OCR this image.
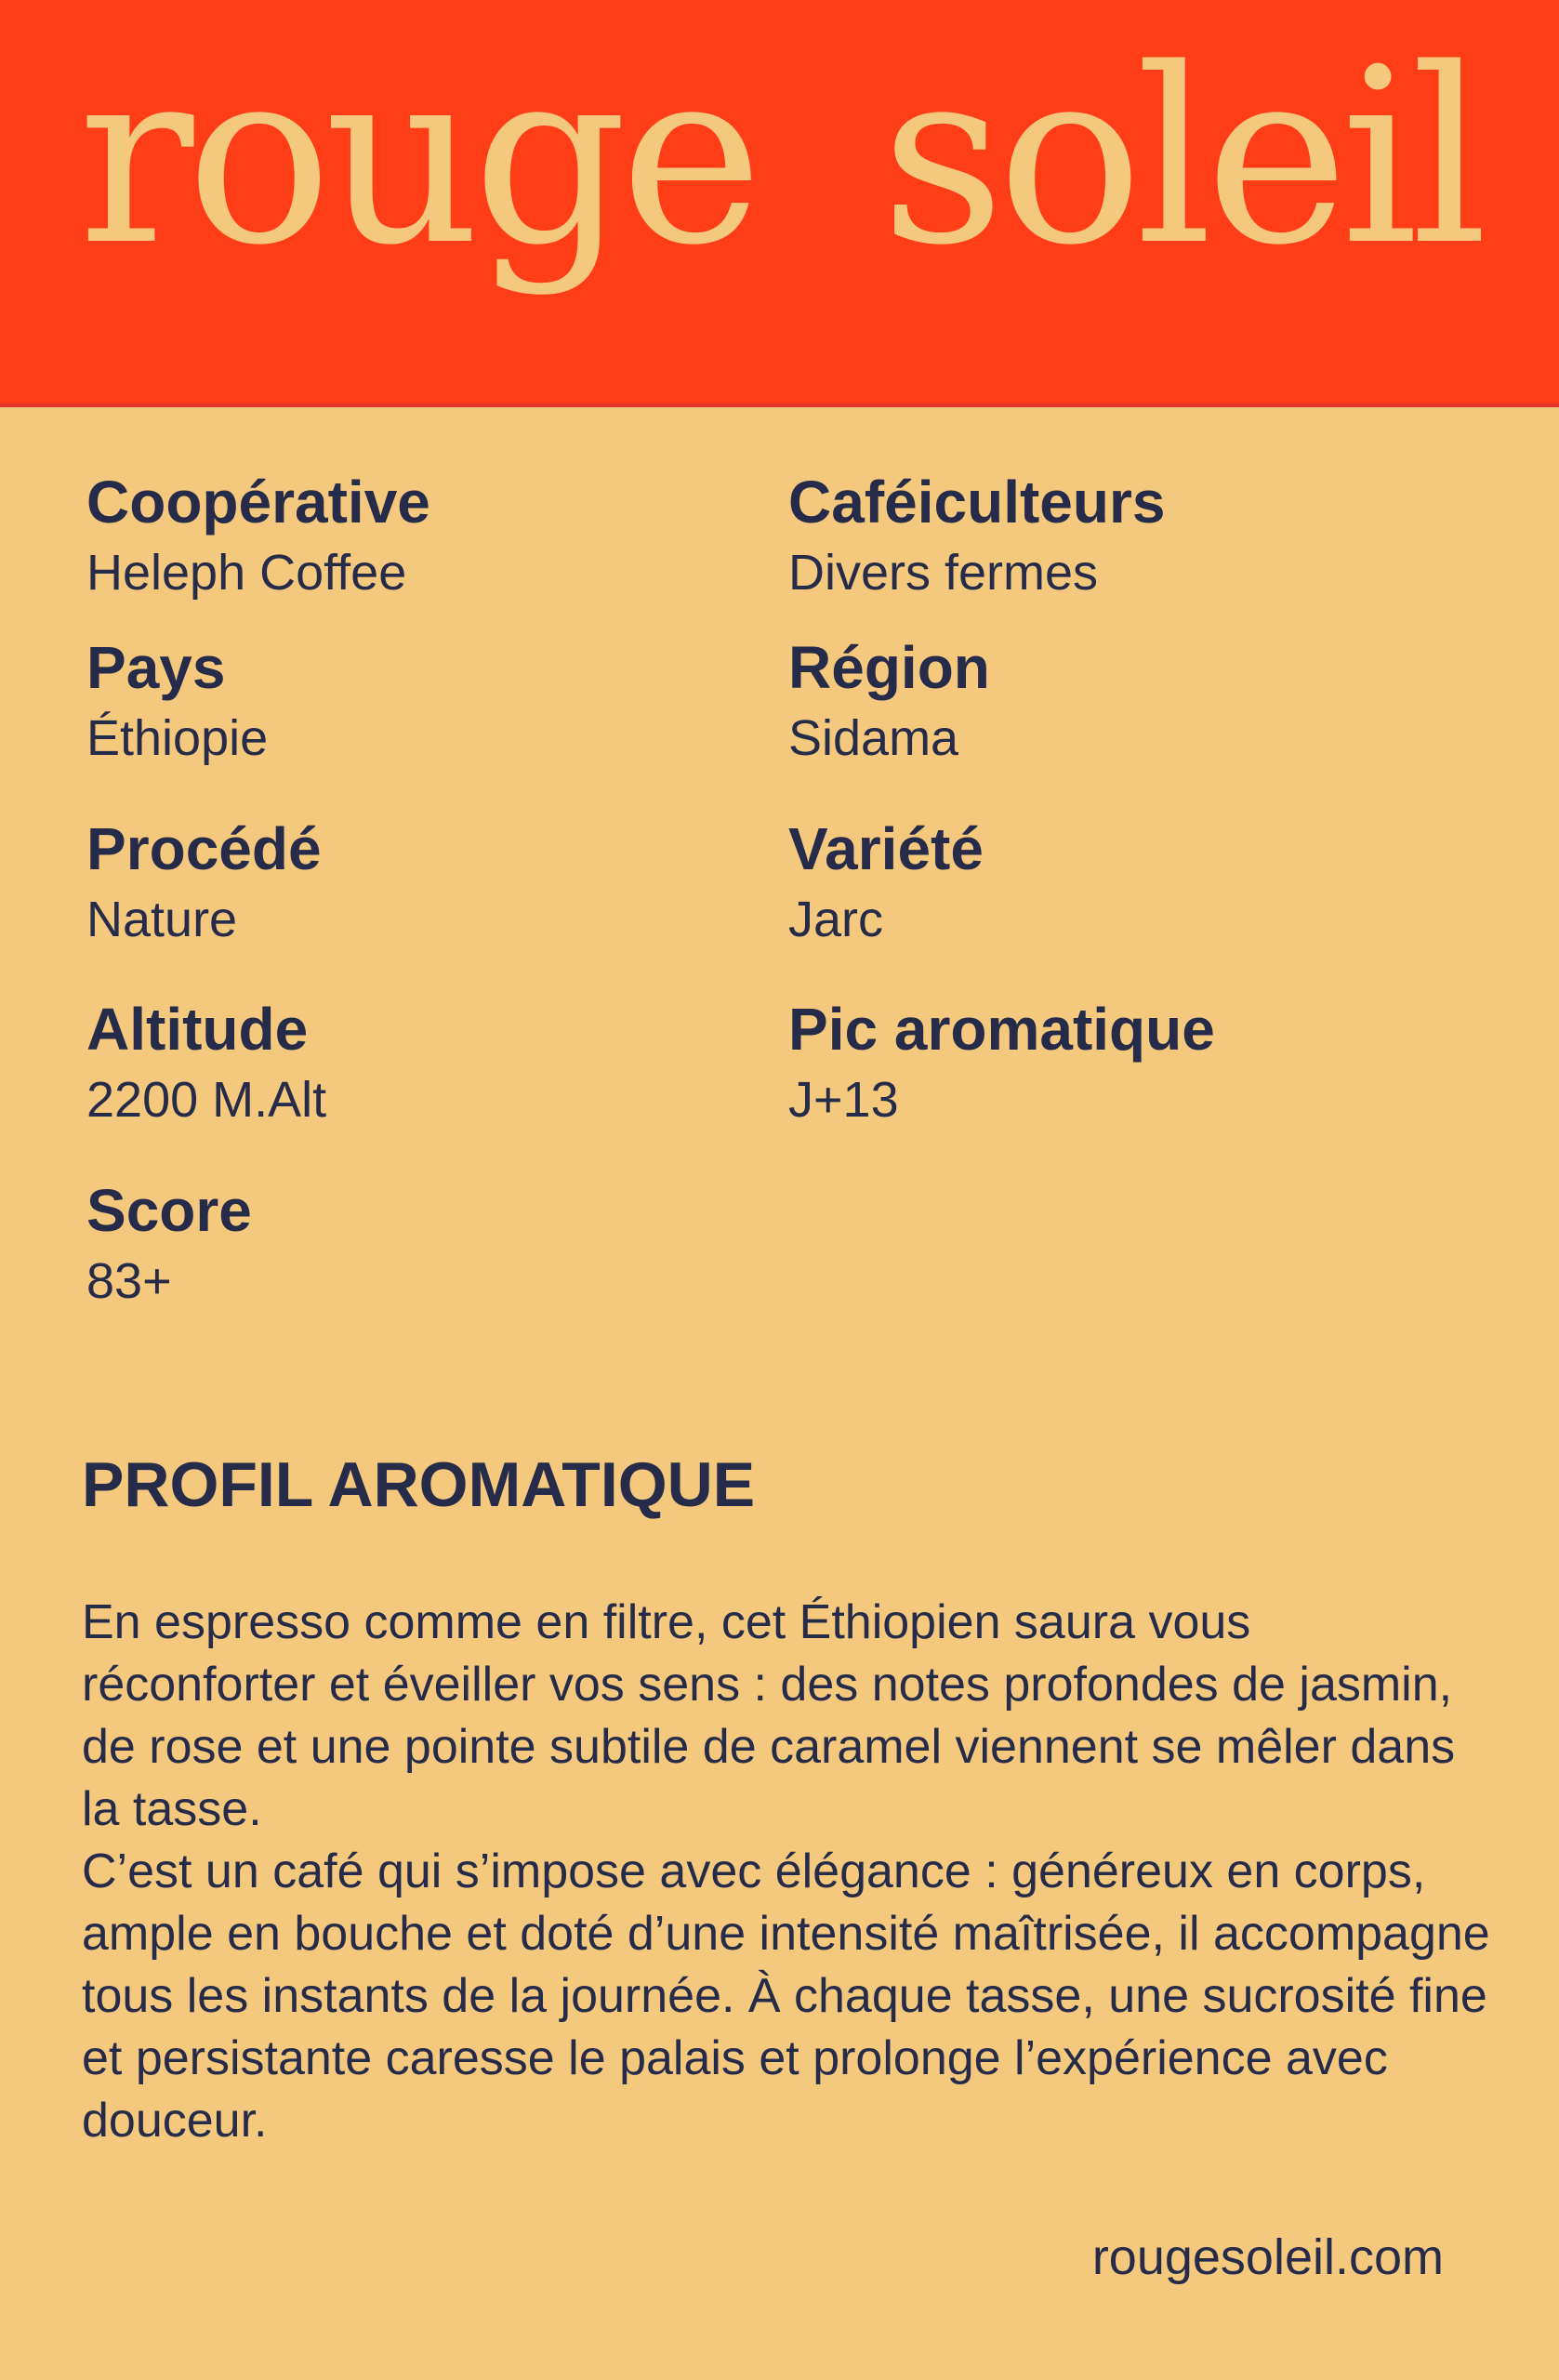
rouge soleil
Coopérative
Heleph Coffee
Caféiculteurs
Divers fermes
Pays
Éthiopie
Région
Sidama
Procédé
Nature
Variété
Jarc
Altitude
2200 M.Alt
Pic aromatique
J+13
Score
83+
PROFIL AROMATIQUE

En espresso comme en filtre, cet Éthiopien saura vous réconforter et éveiller vos sens : des notes profondes de jasmin, de rose et une pointe subtile de caramel viennent se mêler dans la tasse.

C’est un café qui s’impose avec élégance : généreux en corps, ample en bouche et doté d’une intensité maîtrisée, il accompagne tous les instants de la journée. À chaque tasse, une sucrosité fine et persistante caresse le palais et prolonge l’expérience avec douceur.

rougesoleil.com
